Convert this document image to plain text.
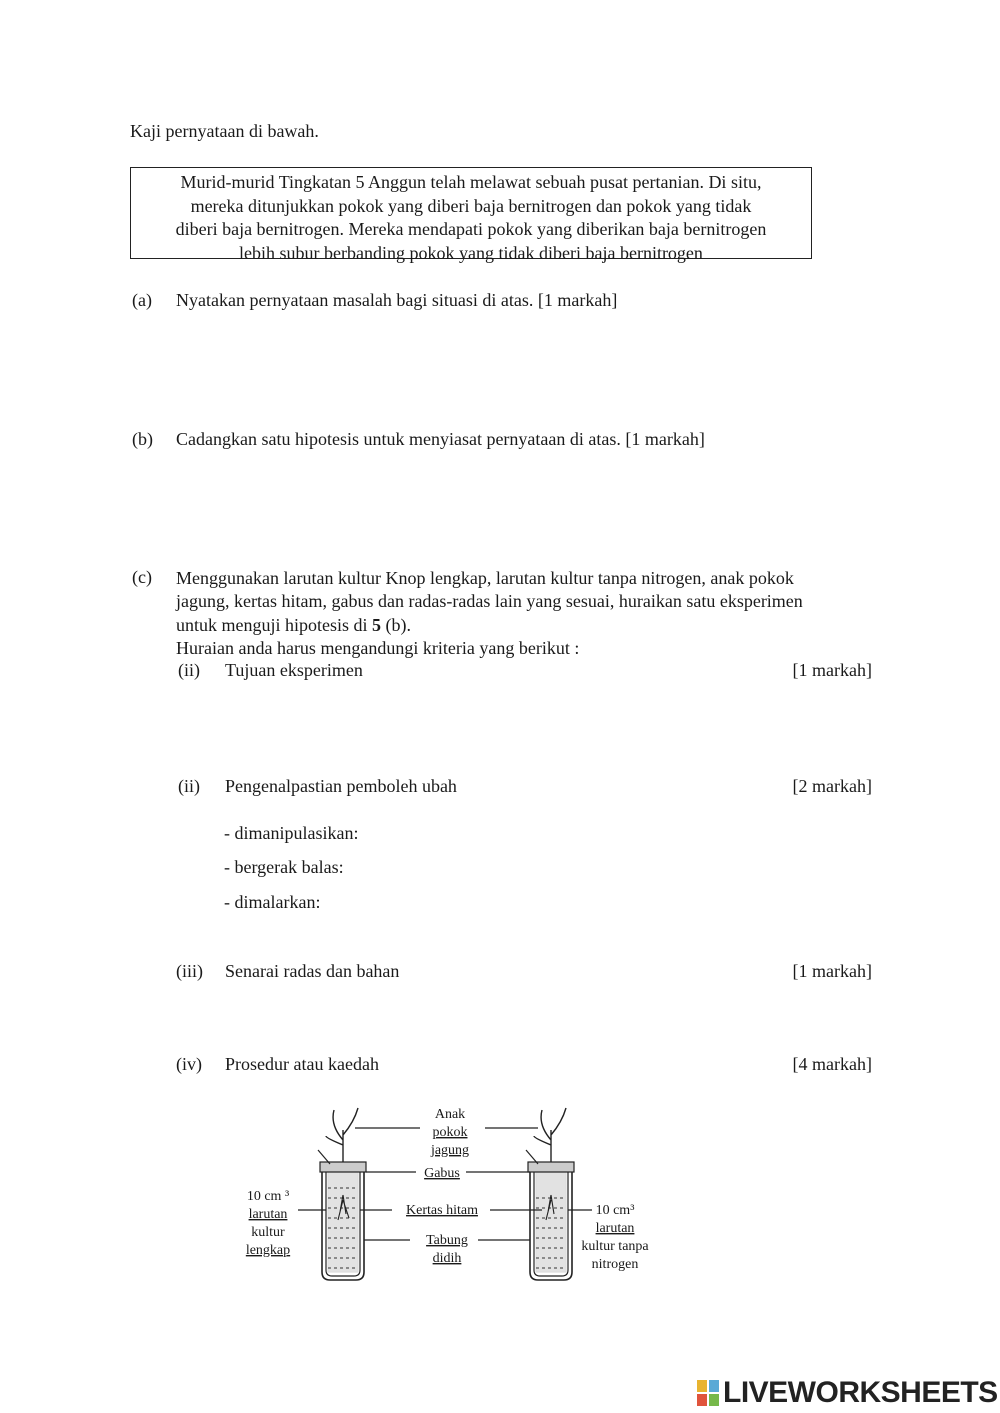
Kaji pernyataan di bawah.
Murid-murid Tingkatan 5 Anggun telah melawat sebuah pusat pertanian. Di situ,
mereka ditunjukkan pokok yang diberi baja bernitrogen dan pokok yang tidak
diberi baja bernitrogen. Mereka mendapati pokok yang diberikan baja bernitrogen
lebih subur berbanding pokok yang tidak diberi baja bernitrogen
(a) Nyatakan pernyataan masalah bagi situasi di atas. [1 markah]
(b) Cadangkan satu hipotesis untuk menyiasat pernyataan di atas. [1 markah]
(c) Menggunakan larutan kultur Knop lengkap, larutan kultur tanpa nitrogen, anak pokok
jagung, kertas hitam, gabus dan radas-radas lain yang sesuai, huraikan satu eksperimen
untuk menguji hipotesis di 5 (b).
Huraian anda harus mengandungi kriteria yang berikut :
(ii) Tujuan eksperimen	[1 markah]
(ii) Pengenalpastian pemboleh ubah	[2 markah]
- dimanipulasikan:
- bergerak balas:
- dimalarkan:
(iii) Senarai radas dan bahan	[1 markah]
(iv) Prosedur atau kaedah	[4 markah]
Anak
pokok
jagung
Gabus
Kertas hitam
Tabung
didih
10 cm ³
larutan
kultur
lengkap
10 cm³
larutan
kultur tanpa
nitrogen
LIVEWORKSHEETS
